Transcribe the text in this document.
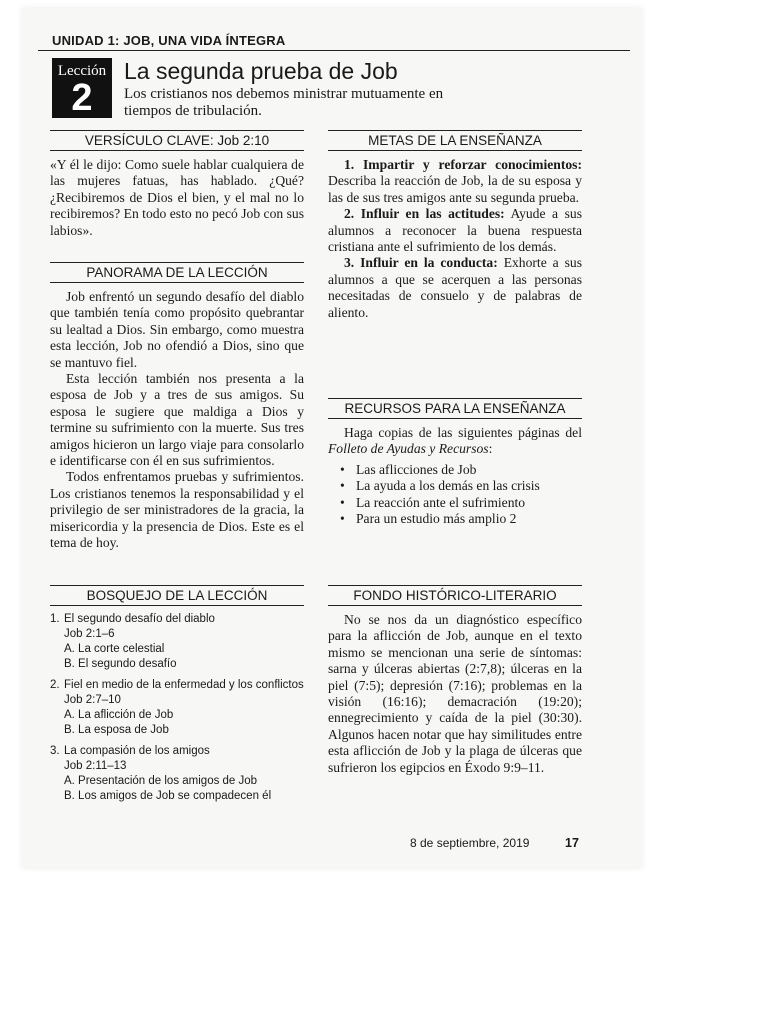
UNIDAD 1: JOB, UNA VIDA ÍNTEGRA
Lección
2
La segunda prueba de Job

Los cristianos nos debemos ministrar mutuamente en tiempos de tribulación.

VERSÍCULO CLAVE: Job 2:10

«Y él le dijo: Como suele hablar cualquiera de las mujeres fatuas, has hablado. ¿Qué? ¿Recibiremos de Dios el bien, y el mal no lo recibiremos? En todo esto no pecó Job con sus labios».

PANORAMA DE LA LECCIÓN

Job enfrentó un segundo desafío del diablo que también tenía como propósito quebrantar su lealtad a Dios. Sin embargo, como muestra esta lección, Job no ofendió a Dios, sino que se mantuvo fiel.

Esta lección también nos presenta a la esposa de Job y a tres de sus amigos. Su esposa le sugiere que maldiga a Dios y termine su sufrimiento con la muerte. Sus tres amigos hicieron un largo viaje para consolarlo e identificarse con él en sus sufrimientos.

Todos enfrentamos pruebas y sufrimientos. Los cristianos tenemos la responsabilidad y el privilegio de ser ministradores de la gracia, la misericordia y la presencia de Dios. Este es el tema de hoy.

BOSQUEJO DE LA LECCIÓN
1. El segundo desafío del diablo
Job 2:1–6
A. La corte celestial
B. El segundo desafío
2. Fiel en medio de la enfermedad y los conflictos
Job 2:7–10
A. La aflicción de Job
B. La esposa de Job
3. La compasión de los amigos
Job 2:11–13
A. Presentación de los amigos de Job
B. Los amigos de Job se compadecen él
METAS DE LA ENSEÑANZA

1. Impartir y reforzar conocimientos: Describa la reacción de Job, la de su esposa y las de sus tres amigos ante su segunda prueba.

2. Influir en las actitudes: Ayude a sus alumnos a reconocer la buena respuesta cristiana ante el sufrimiento de los demás.

3. Influir en la conducta: Exhorte a sus alumnos a que se acerquen a las personas necesitadas de consuelo y de palabras de aliento.

RECURSOS PARA LA ENSEÑANZA

Haga copias de las siguientes páginas del Folleto de Ayudas y Recursos:

• Las aflicciones de Job
• La ayuda a los demás en las crisis
• La reacción ante el sufrimiento
• Para un estudio más amplio 2
FONDO HISTÓRICO-LITERARIO

No se nos da un diagnóstico específico para la aflicción de Job, aunque en el texto mismo se mencionan una serie de síntomas: sarna y úlceras abiertas (2:7,8); úlceras en la piel (7:5); depresión (7:16); problemas en la visión (16:16); demacración (19:20); ennegrecimiento y caída de la piel (30:30). Algunos hacen notar que hay similitudes entre esta aflicción de Job y la plaga de úlceras que sufrieron los egipcios en Éxodo 9:9–11.

8 de septiembre, 2019	17
